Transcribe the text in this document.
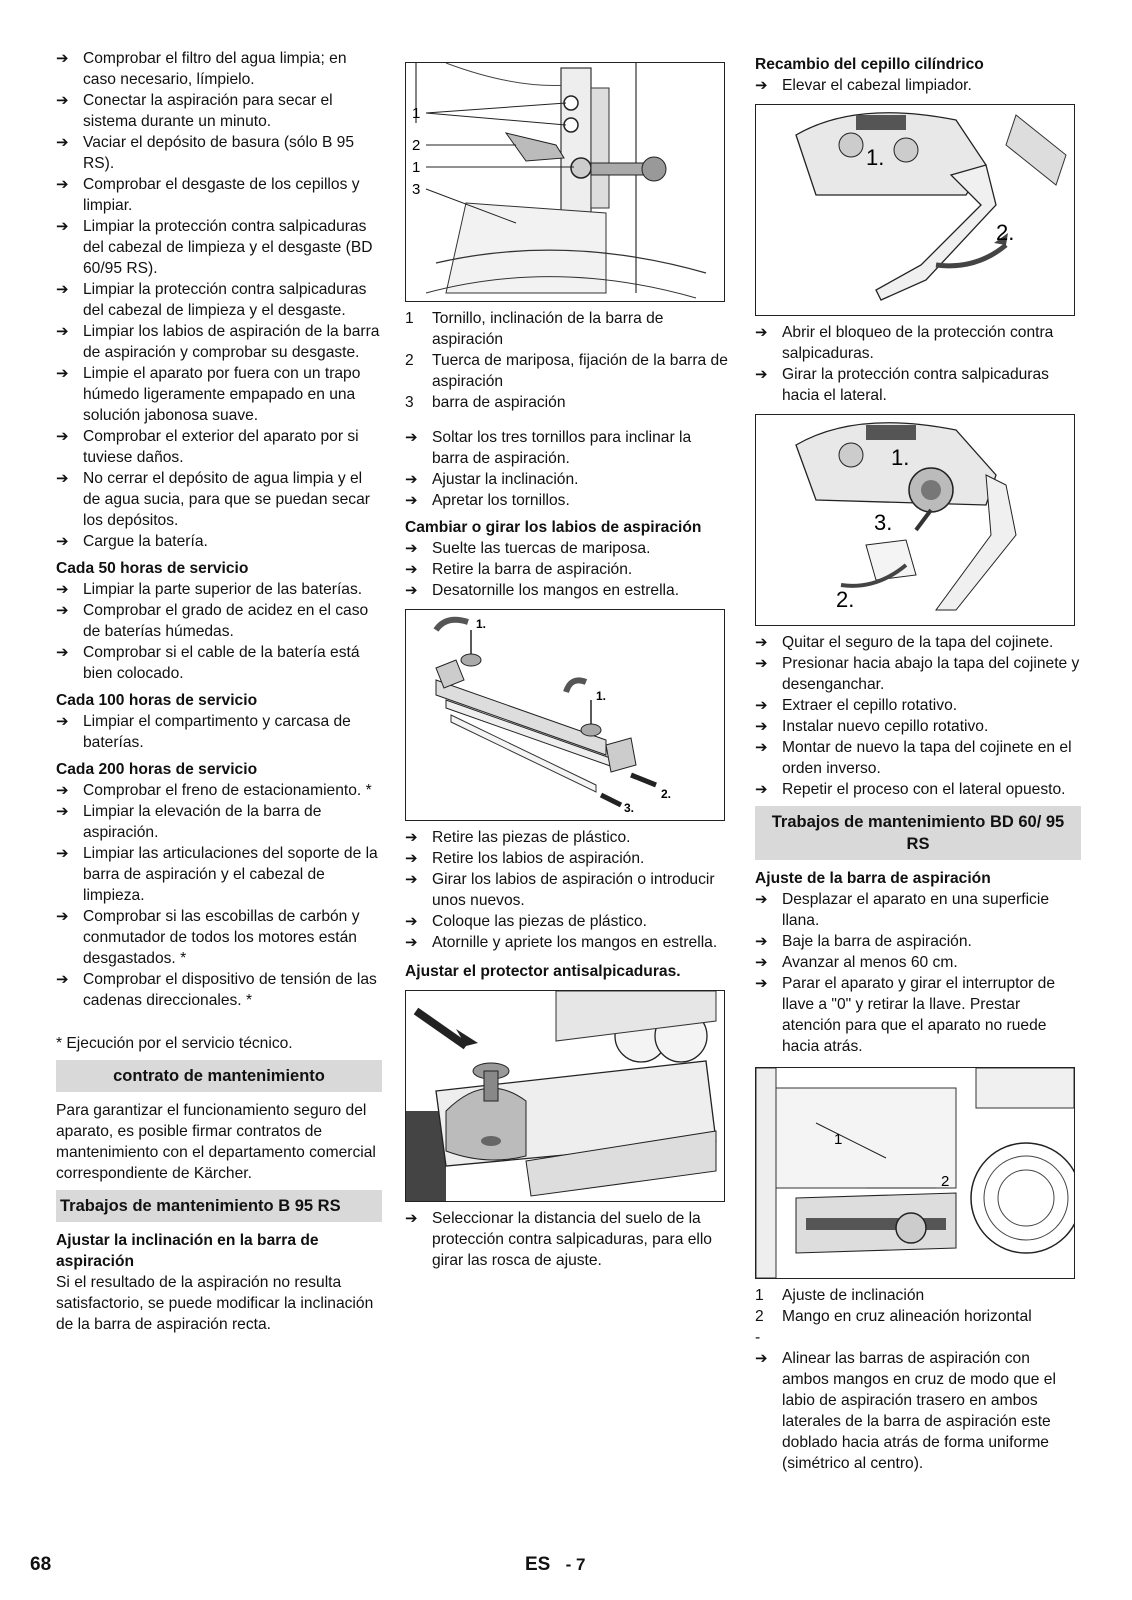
➔ Comprobar el filtro del agua limpia; en caso necesario, límpielo.

➔ Conectar la aspiración para secar el sistema durante un minuto.

➔ Vaciar el depósito de basura (sólo B 95 RS).

➔ Comprobar el desgaste de los cepillos y limpiar.

➔ Limpiar la protección contra salpicaduras del cabezal de limpieza y el desgaste (BD 60/95 RS).

➔ Limpiar la protección contra salpicaduras del cabezal de limpieza y el desgaste.

➔ Limpiar los labios de aspiración de la barra de aspiración y comprobar su desgaste.

➔ Limpie el aparato por fuera con un trapo húmedo ligeramente empapado en una solución jabonosa suave.

➔ Comprobar el exterior del aparato por si tuviese daños.

➔ No cerrar el depósito de agua limpia y el de agua sucia, para que se puedan secar los depósitos.

➔ Cargue la batería.

Cada 50 horas de servicio

➔ Limpiar la parte superior de las baterías.

➔ Comprobar el grado de acidez en el caso de baterías húmedas.

➔ Comprobar si el cable de la batería está bien colocado.

Cada 100 horas de servicio

➔ Limpiar el compartimento y carcasa de baterías.

Cada 200 horas de servicio

➔ Comprobar el freno de estacionamiento. *

➔ Limpiar la elevación de la barra de aspiración.

➔ Limpiar las articulaciones del soporte de la barra de aspiración y el cabezal de limpieza.

➔ Comprobar si las escobillas de carbón y conmutador de todos los motores están desgastados. *

➔ Comprobar el dispositivo de tensión de las cadenas direccionales. *

* Ejecución por el servicio técnico.

contrato de mantenimiento

Para garantizar el funcionamiento seguro del aparato, es posible firmar contratos de mantenimiento con el departamento comercial correspondiente de Kärcher.

Trabajos de mantenimiento B 95 RS

Ajustar la inclinación en la barra de aspiración

Si el resultado de la aspiración no resulta satisfactorio, se puede modificar la inclinación de la barra de aspiración recta.

1
2
1
3

1 Tornillo, inclinación de la barra de aspiración

2 Tuerca de mariposa, fijación de la barra de aspiración

3 barra de aspiración

➔ Soltar los tres tornillos para inclinar la barra de aspiración.

➔ Ajustar la inclinación.

➔ Apretar los tornillos.

Cambiar o girar los labios de aspiración

➔ Suelte las tuercas de mariposa.

➔ Retire la barra de aspiración.

➔ Desatornille los mangos en estrella.

1.
1.
2.
3.

➔ Retire las piezas de plástico.

➔ Retire los labios de aspiración.

➔ Girar los labios de aspiración o introducir unos nuevos.

➔ Coloque las piezas de plástico.

➔ Atornille y apriete los mangos en estrella.

Ajustar el protector antisalpicaduras.

➔ Seleccionar la distancia del suelo de la protección contra salpicaduras, para ello girar las rosca de ajuste.

Recambio del cepillo cilíndrico

➔ Elevar el cabezal limpiador.

1.
2.

➔ Abrir el bloqueo de la protección contra salpicaduras.

➔ Girar la protección contra salpicaduras hacia el lateral.

1.
3.
2.

➔ Quitar el seguro de la tapa del cojinete.

➔ Presionar hacia abajo la tapa del cojinete y desenganchar.

➔ Extraer el cepillo rotativo.

➔ Instalar nuevo cepillo rotativo.

➔ Montar de nuevo la tapa del cojinete en el orden inverso.

➔ Repetir el proceso con el lateral opuesto.

Trabajos de mantenimiento BD 60/ 95 RS

Ajuste de la barra de aspiración

➔ Desplazar el aparato en una superficie llana.

➔ Baje la barra de aspiración.

➔ Avanzar al menos 60 cm.

➔ Parar el aparato y girar el interruptor de llave a "0" y retirar la llave. Prestar atención para que el aparato no ruede hacia atrás.

1
2

1 Ajuste de inclinación

2 Mango en cruz alineación horizontal

-

➔ Alinear las barras de aspiración con ambos mangos en cruz de modo que el labio de aspiración trasero en ambos laterales de la barra de aspiración este doblado hacia atrás de forma uniforme (simétrico al centro).

68	ES - 7
